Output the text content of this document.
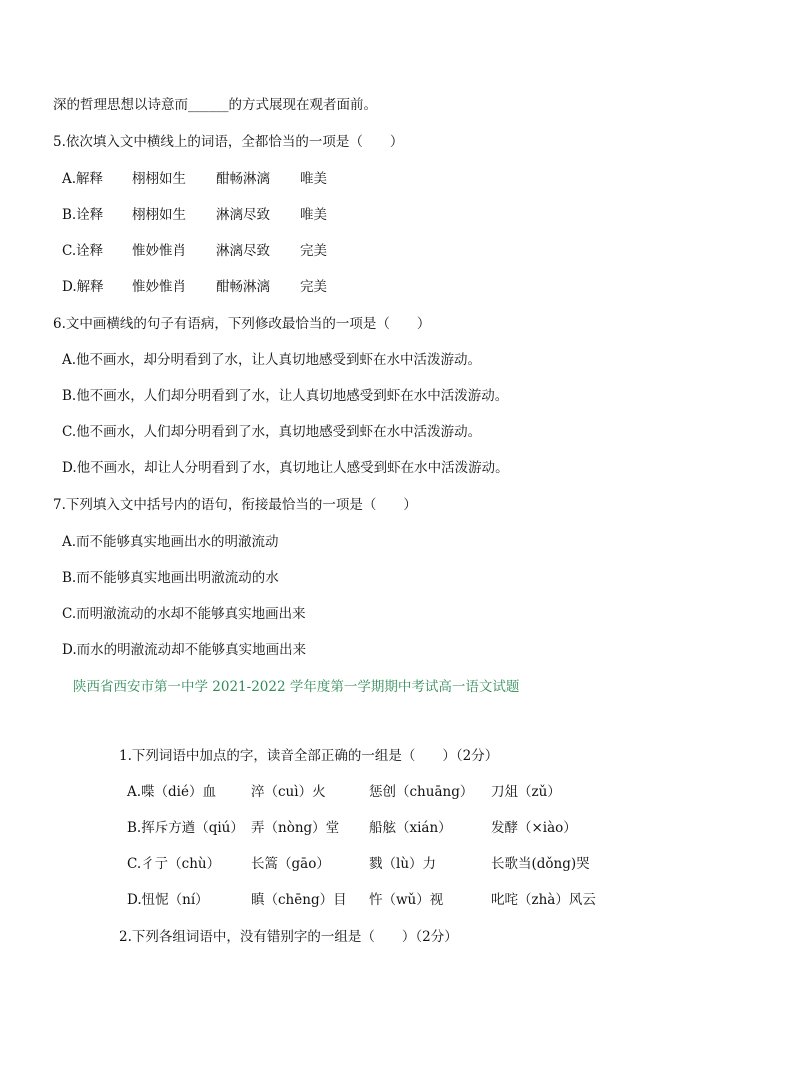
深的哲理思想以诗意而______的方式展现在观者面前。
5.依次填入文中横线上的词语，全都恰当的一项是（　　）
A.解释 栩栩如生 酣畅淋漓 唯美
B.诠释 栩栩如生 淋漓尽致 唯美
C.诠释 惟妙惟肖 淋漓尽致 完美
D.解释 惟妙惟肖 酣畅淋漓 完美
6.文中画横线的句子有语病，下列修改最恰当的一项是（　　）
A.他不画水，却分明看到了水，让人真切地感受到虾在水中活泼游动。
B.他不画水，人们却分明看到了水，让人真切地感受到虾在水中活泼游动。
C.他不画水，人们却分明看到了水，真切地感受到虾在水中活泼游动。
D.他不画水，却让人分明看到了水，真切地让人感受到虾在水中活泼游动。
7.下列填入文中括号内的语句，衔接最恰当的一项是（　　）
A.而不能够真实地画出水的明澈流动
B.而不能够真实地画出明澈流动的水
C.而明澈流动的水却不能够真实地画出来
D.而水的明澈流动却不能够真实地画出来
陕西省西安市第一中学 2021-2022 学年度第一学期期中考试高一语文试题
1.下列词语中加点的字，读音全部正确的一组是（　　）（2分）
A.喋（dié）血	淬（cuì）火	惩创（chuāng） 刀俎（zǔ）
B.挥斥方遒（qiú） 弄（nòng）堂 船舷（xián）	发酵（×iào）
C.彳亍（chù） 长篙（gāo）	戮（lù）力	长歌当(dǒng)哭
D.忸怩（ní）	瞋（chēng）目 忤（wǔ）视	叱咤（zhà）风云
2.下列各组词语中，没有错别字的一组是（　　）（2分）
